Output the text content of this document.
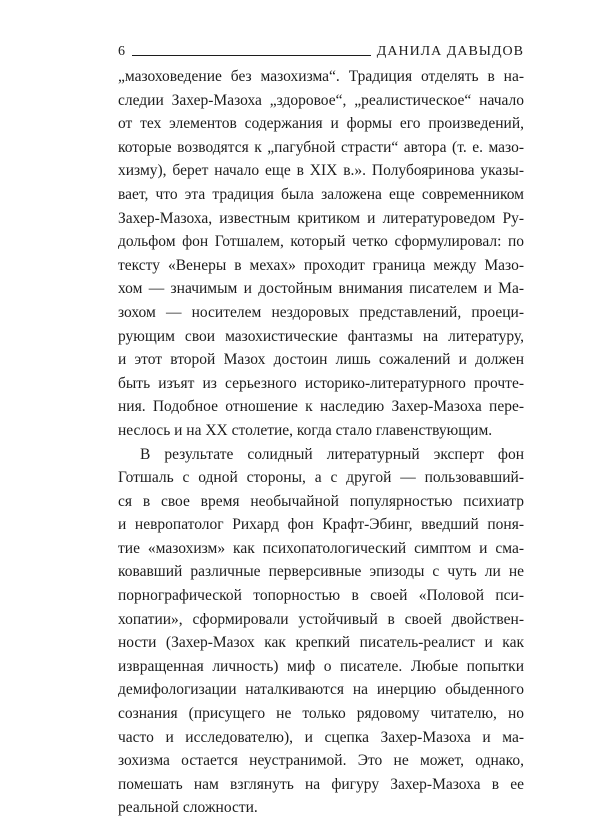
6	ДАНИЛА ДАВЫДОВ
„мазоховедение без мазохизма“. Традиция отделять в на-
следии Захер-Мазоха „здоровое“, „реалистическое“ начало
от тех элементов содержания и формы его произведений,
которые возводятся к „пагубной страсти“ автора (т. е. мазо-
хизму), берет начало еще в XIX в.». Полубояринова указы-
вает, что эта традиция была заложена еще современником
Захер-Мазоха, известным критиком и литературоведом Ру-
дольфом фон Готшалем, который четко сформулировал: по
тексту «Венеры в мехах» проходит граница между Мазо-
хом — значимым и достойным внимания писателем и Ма-
зохом — носителем нездоровых представлений, проеци-
рующим свои мазохистические фантазмы на литературу,
и этот второй Мазох достоин лишь сожалений и должен
быть изъят из серьезного историко-литературного прочте-
ния. Подобное отношение к наследию Захер-Мазоха пере-
неслось и на XX столетие, когда стало главенствующим.
В результате солидный литературный эксперт фон
Готшаль с одной стороны, а с другой — пользовавший-
ся в свое время необычайной популярностью психиатр
и невропатолог Рихард фон Крафт-Эбинг, введший поня-
тие «мазохизм» как психопатологический симптом и сма-
ковавший различные перверсивные эпизоды с чуть ли не
порнографической топорностью в своей «Половой пси-
хопатии», сформировали устойчивый в своей двойствен-
ности (Захер-Мазох как крепкий писатель-реалист и как
извращенная личность) миф о писателе. Любые попытки
демифологизации наталкиваются на инерцию обыденного
сознания (присущего не только рядовому читателю, но
часто и исследователю), и сцепка Захер-Мазоха и ма-
зохизма остается неустранимой. Это не может, однако,
помешать нам взглянуть на фигуру Захер-Мазоха в ее
реальной сложности.
